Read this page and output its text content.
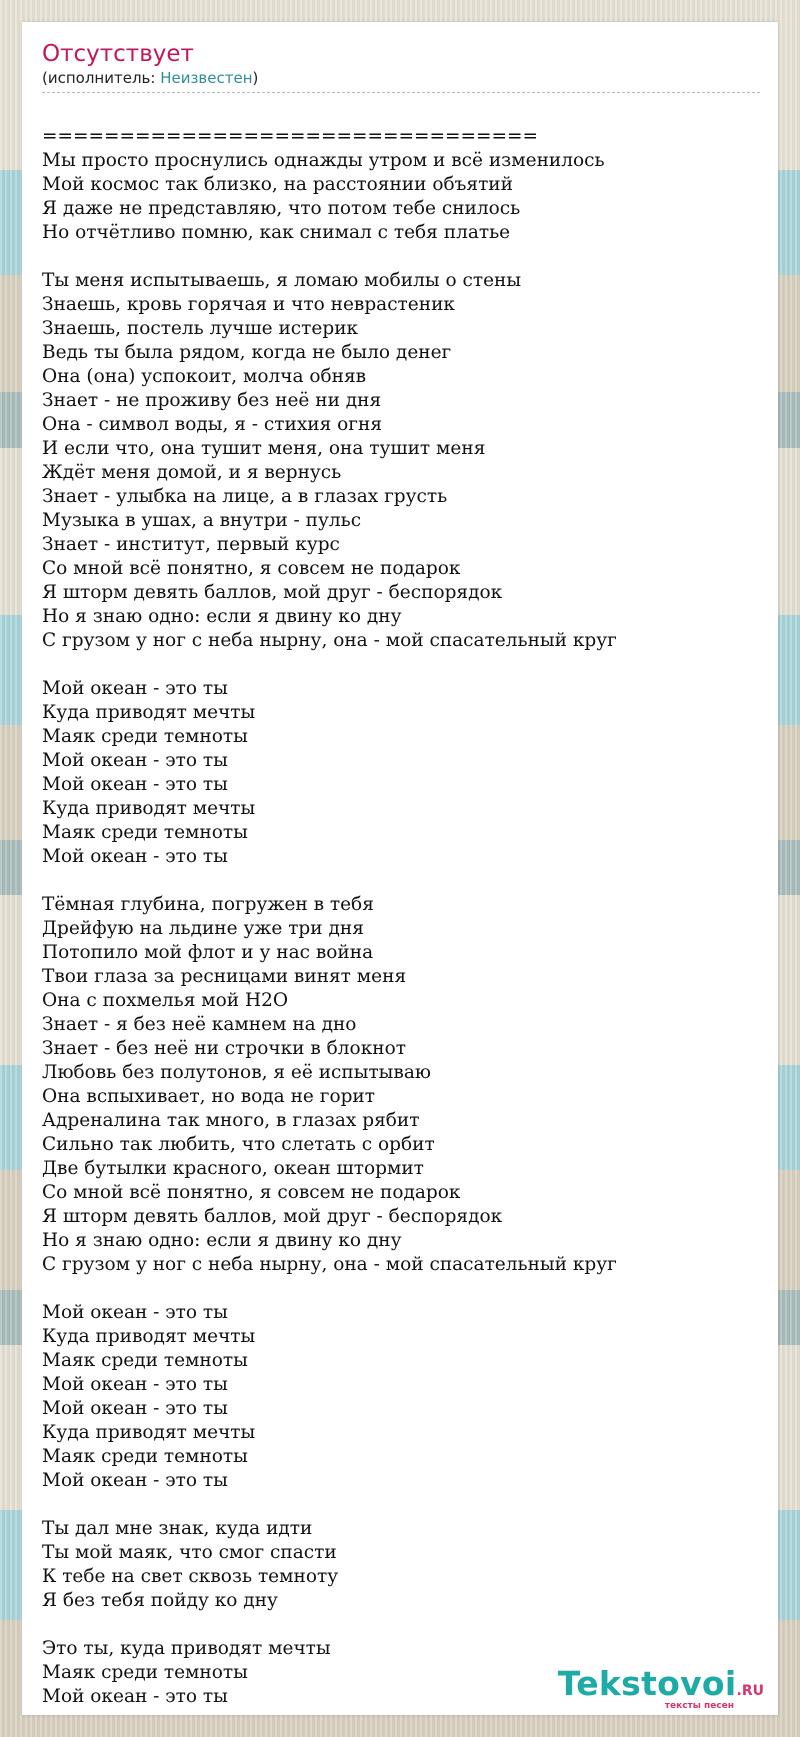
Отсутствует
(исполнитель: Неизвестен)
================================
Мы просто проснулись однажды утром и всё изменилось
Мой космос так близко, на расстоянии объятий
Я даже не представляю, что потом тебе снилось
Но отчётливо помню, как снимал с тебя платье
Ты меня испытываешь, я ломаю мобилы о стены
Знаешь, кровь горячая и что неврастеник
Знаешь, постель лучше истерик
Ведь ты была рядом, когда не было денег
Она (она) успокоит, молча обняв
Знает - не проживу без неё ни дня
Она - символ воды, я - стихия огня
И если что, она тушит меня, она тушит меня
Ждёт меня домой, и я вернусь
Знает - улыбка на лице, а в глазах грусть
Музыка в ушах, а внутри - пульс
Знает - институт, первый курс
Со мной всё понятно, я совсем не подарок
Я шторм девять баллов, мой друг - беспорядок
Но я знаю одно: если я двину ко дну
С грузом у ног с неба нырну, она - мой спасательный круг
Мой океан - это ты
Куда приводят мечты
Маяк среди темноты
Мой океан - это ты
Мой океан - это ты
Куда приводят мечты
Маяк среди темноты
Мой океан - это ты
Тёмная глубина, погружен в тебя
Дрейфую на льдине уже три дня
Потопило мой флот и у нас война
Твои глаза за ресницами винят меня
Она с похмелья мой H2O
Знает - я без неё камнем на дно
Знает - без неё ни строчки в блокнот
Любовь без полутонов, я её испытываю
Она вспыхивает, но вода не горит
Адреналина так много, в глазах рябит
Сильно так любить, что слетать с орбит
Две бутылки красного, океан штормит
Со мной всё понятно, я совсем не подарок
Я шторм девять баллов, мой друг - беспорядок
Но я знаю одно: если я двину ко дну
С грузом у ног с неба нырну, она - мой спасательный круг
Мой океан - это ты
Куда приводят мечты
Маяк среди темноты
Мой океан - это ты
Мой океан - это ты
Куда приводят мечты
Маяк среди темноты
Мой океан - это ты
Ты дал мне знак, куда идти
Ты мой маяк, что смог спасти
К тебе на свет сквозь темноту
Я без тебя пойду ко дну
Это ты, куда приводят мечты
Маяк среди темноты
Мой океан - это ты	Tekstovoi.RU
тексты песен
